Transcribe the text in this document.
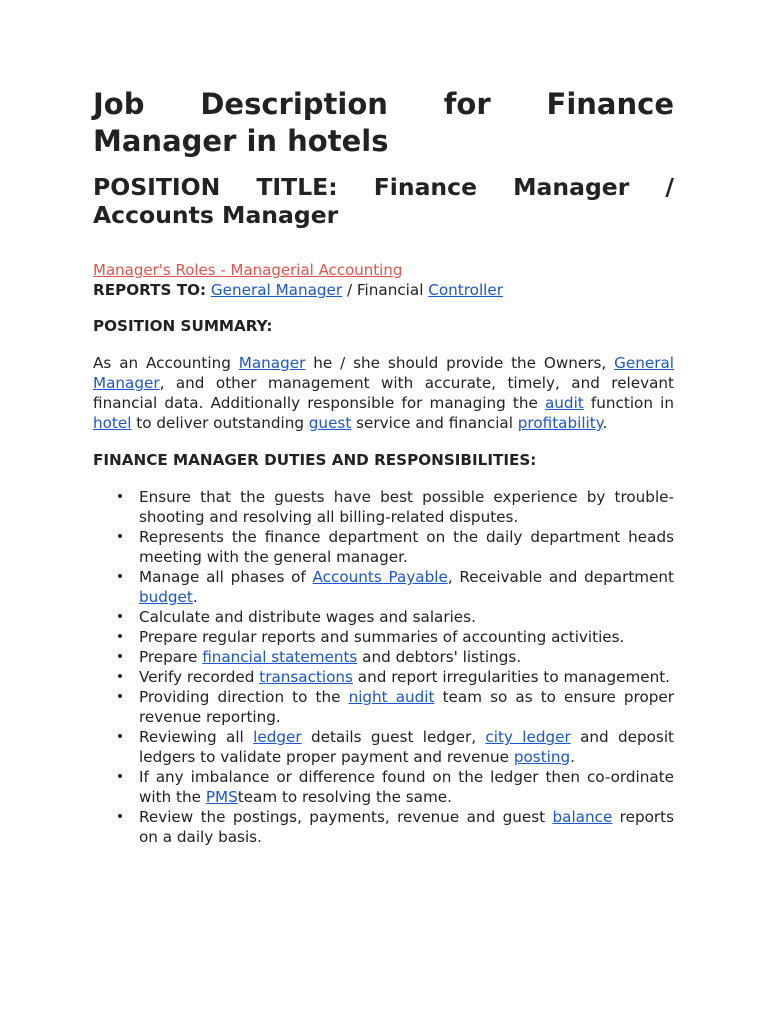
Job Description for Finance Manager in hotels
POSITION TITLE: Finance Manager / Accounts Manager
Manager's Roles - Managerial Accounting

REPORTS TO: General Manager / Financial Controller

POSITION SUMMARY:

As an Accounting Manager he / she should provide the Owners, General Manager, and other management with accurate, timely, and relevant financial data. Additionally responsible for managing the audit function in hotel to deliver outstanding guest service and financial profitability.

FINANCE MANAGER DUTIES AND RESPONSIBILITIES:

• Ensure that the guests have best possible experience by trouble-shooting and resolving all billing-related disputes.
• Represents the finance department on the daily department heads meeting with the general manager.
• Manage all phases of Accounts Payable, Receivable and department budget.
• Calculate and distribute wages and salaries.
• Prepare regular reports and summaries of accounting activities.
• Prepare financial statements and debtors' listings.
• Verify recorded transactions and report irregularities to management.
• Providing direction to the night audit team so as to ensure proper revenue reporting.
• Reviewing all ledger details guest ledger, city ledger and deposit ledgers to validate proper payment and revenue posting.
• If any imbalance or difference found on the ledger then co-ordinate with the PMSteam to resolving the same.
• Review the postings, payments, revenue and guest balance reports on a daily basis.
